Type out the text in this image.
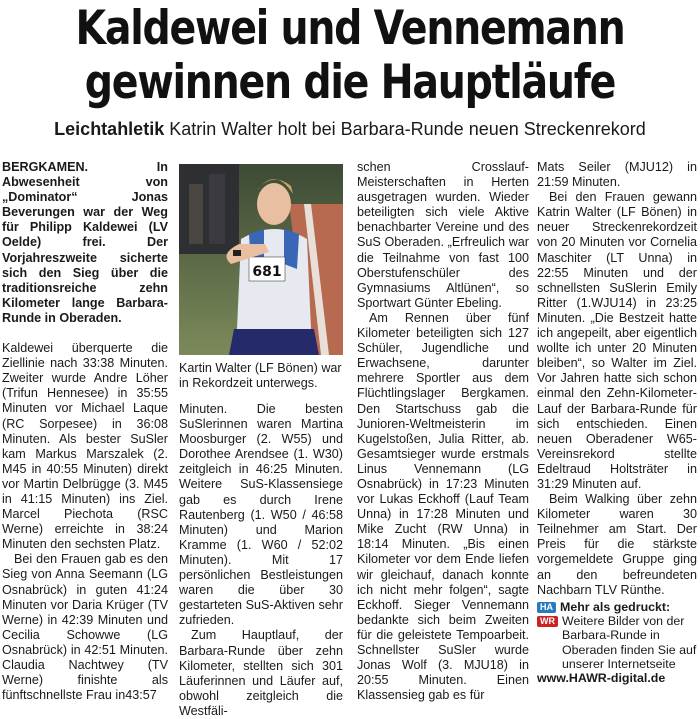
Kaldewei und Vennemann
gewinnen die Hauptläufe
Leichtahletik Katrin Walter holt bei Barbara-Runde neuen Streckenrekord

BERGKAMEN. In Abwesenheit von „Dominator“ Jonas Beverungen war der Weg für Philipp Kaldewei (LV Oelde) frei. Der Vorjahreszweite sicherte sich den Sieg über die traditionsreiche zehn Kilometer lange Barbara-Runde in Oberaden.

Kaldewei überquerte die Ziellinie nach 33:38 Minuten. Zweiter wurde Andre Löher (Trifun Hennesee) in 35:55 Minuten vor Michael Laque (RC Sorpesee) in 36:08 Minuten. Als bester SuSler kam Markus Marszalek (2. M45 in 40:55 Minuten) direkt vor Martin Delbrügge (3. M45 in 41:15 Minuten) ins Ziel. Marcel Piechota (RSC Werne) erreichte in 38:24 Minuten den sechsten Platz.

Bei den Frauen gab es den Sieg von Anna Seemann (LG Osnabrück) in guten 41:24 Minuten vor Daria Krüger (TV Werne) in 42:39 Minuten und Cecilia Schowwe (LG Osnabrück) in 42:51 Minuten. Claudia Nachtwey (TV Werne) finishte als fünftschnellste Frau in43:57

681
Kartin Walter (LF Bönen) war in Rekordzeit unterwegs.

Minuten. Die besten SuSlerinnen waren Martina Moosburger (2. W55) und Dorothee Arendsee (1. W30) zeitgleich in 46:25 Minuten. Weitere SuS-Klassensiege gab es durch Irene Rautenberg (1. W50 / 46:58 Minuten) und Marion Kramme (1. W60 / 52:02 Minuten). Mit 17 persönlichen Bestleistungen waren die über 30 gestarteten SuS-Aktiven sehr zufrieden.

Zum Hauptlauf, der Barbara-Runde über zehn Kilometer, stellten sich 301 Läuferinnen und Läufer auf, obwohl zeitgleich die Westfäli-

schen Crosslauf-Meisterschaften in Herten ausgetragen wurden. Wieder beteiligten sich viele Aktive benachbarter Vereine und des SuS Oberaden. „Erfreulich war die Teilnahme von fast 100 Oberstufenschüler des Gymnasiums Altlünen“, so Sportwart Günter Ebeling.

Am Rennen über fünf Kilometer beteiligten sich 127 Schüler, Jugendliche und Erwachsene, darunter mehrere Sportler aus dem Flüchtlingslager Bergkamen. Den Startschuss gab die Junioren-Weltmeisterin im Kugelstoßen, Julia Ritter, ab. Gesamtsieger wurde erstmals Linus Vennemann (LG Osnabrück) in 17:23 Minuten vor Lukas Eckhoff (Lauf Team Unna) in 17:28 Minuten und Mike Zucht (RW Unna) in 18:14 Minuten. „Bis einen Kilometer vor dem Ende liefen wir gleichauf, danach konnte ich nicht mehr folgen“, sagte Eckhoff. Sieger Vennemann bedankte sich beim Zweiten für die geleistete Tempoarbeit. Schnellster SuSler wurde Jonas Wolf (3. MJU18) in 20:55 Minuten. Einen Klassensieg gab es für

Mats Seiler (MJU12) in 21:59 Minuten.

Bei den Frauen gewann Katrin Walter (LF Bönen) in neuer Streckenrekordzeit von 20 Minuten vor Cornelia Maschiter (LT Unna) in 22:55 Minuten und der schnellsten SuSlerin Emily Ritter (1.WJU14) in 23:25 Minuten. „Die Bestzeit hatte ich angepeilt, aber eigentlich wollte ich unter 20 Minuten bleiben“, so Walter im Ziel. Vor Jahren hatte sich schon einmal den Zehn-Kilometer-Lauf der Barbara-Runde für sich entschieden. Einen neuen Oberadener W65-Vereinsrekord stellte Edeltraud Holtsträter in 31:29 Minuten auf.

Beim Walking über zehn Kilometer waren 30 Teilnehmer am Start. Der Preis für die stärkste vorgemeldete Gruppe ging an den befreundeten Nachbarn TLV Rünthe.

HA Mehr als gedruckt:
WR Weitere Bilder von der Barbara-Runde in Oberaden finden Sie auf unserer Internetseite
www.HAWR-digital.de
